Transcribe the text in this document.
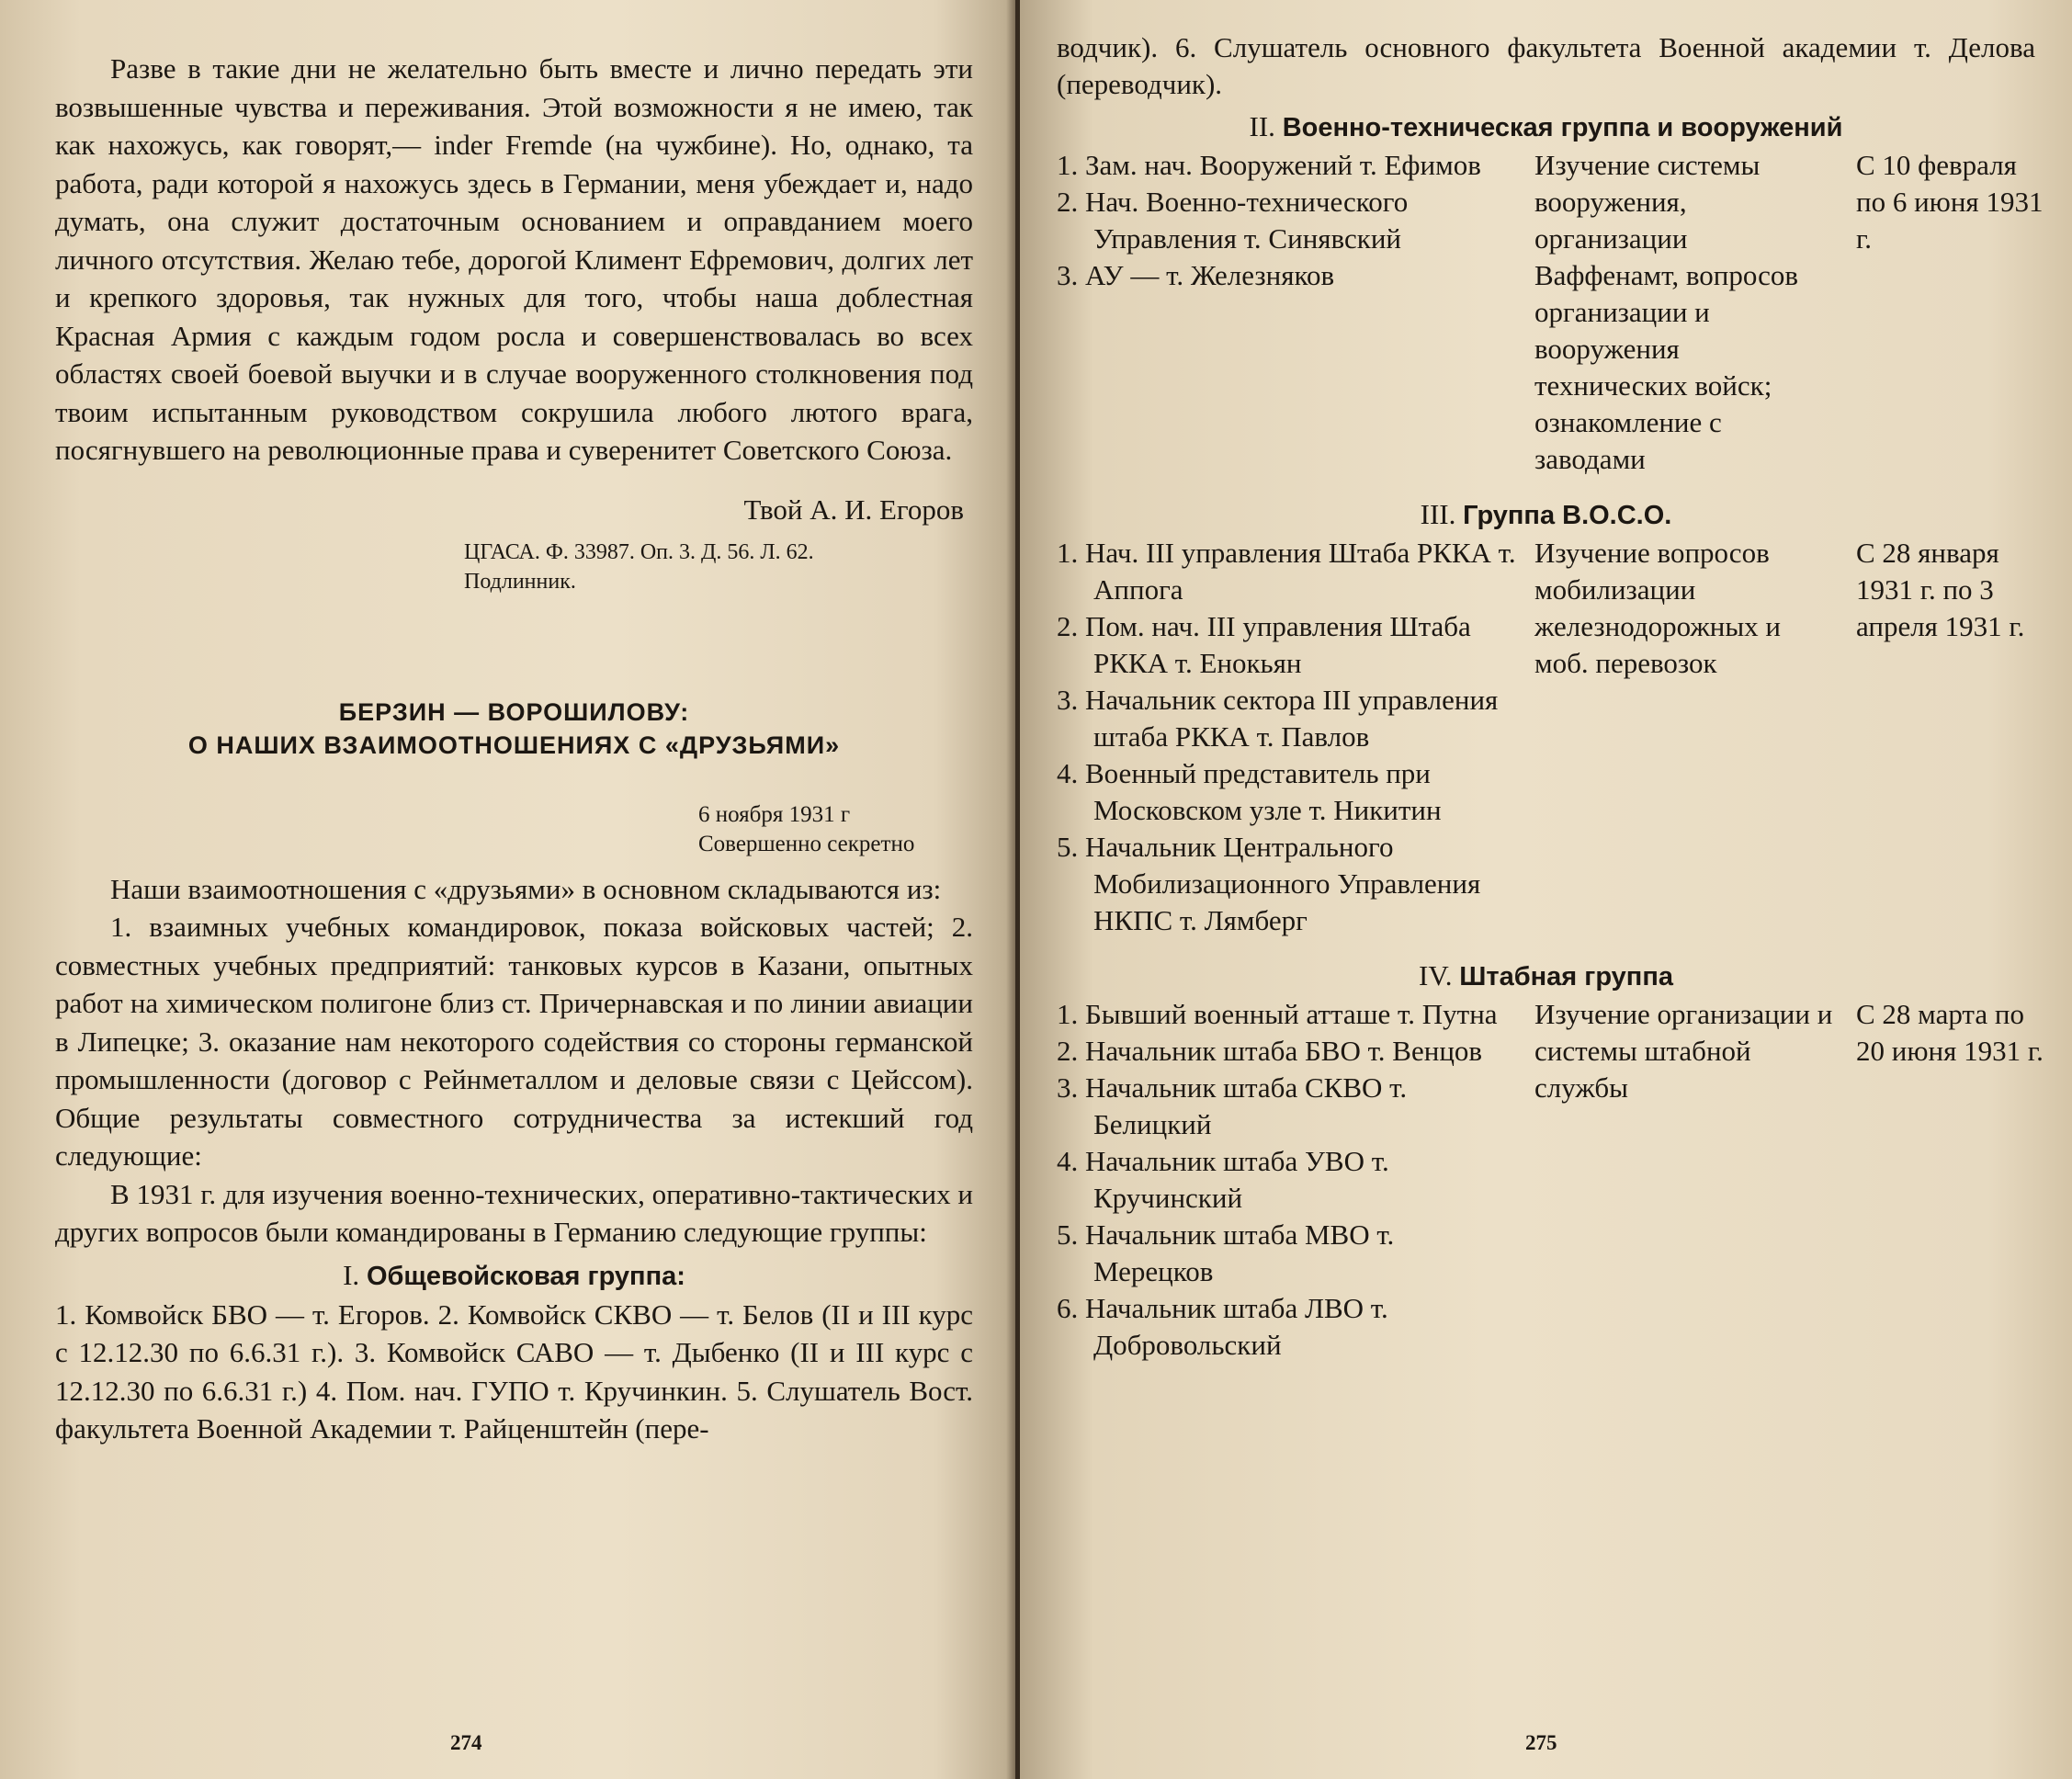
Разве в такие дни не желательно быть вместе и лично передать эти возвышенные чувства и переживания. Этой возможности я не имею, так как нахожусь, как говорят,— inder Fremde (на чужбине). Но, однако, та работа, ради которой я нахожусь здесь в Германии, меня убеждает и, надо думать, она служит достаточным основанием и оправданием моего личного отсутствия. Желаю тебе, дорогой Климент Ефремович, долгих лет и крепкого здоровья, так нужных для того, чтобы наша доблестная Красная Армия с каждым годом росла и совершенствовалась во всех областях своей боевой выучки и в случае вооруженного столкновения под твоим испытанным руководством сокрушила любого лютого врага, посягнувшего на революционные права и суверенитет Советского Союза.

Твой А. И. Егоров

ЦГАСА. Ф. 33987. Оп. 3. Д. 56. Л. 62.
Подлинник.
БЕРЗИН — ВОРОШИЛОВУ:
О НАШИХ ВЗАИМООТНОШЕНИЯХ С «ДРУЗЬЯМИ»
6 ноября 1931 г
Совершенно секретно

Наши взаимоотношения с «друзьями» в основном складываются из:

1. взаимных учебных командировок, показа войсковых частей; 2. совместных учебных предприятий: танковых курсов в Казани, опытных работ на химическом полигоне близ ст. Причернавская и по линии авиации в Липецке; 3. оказание нам некоторого содействия со стороны германской промышленности (договор с Рейнметаллом и деловые связи с Цейссом). Общие результаты совместного сотрудничества за истекший год следующие:

В 1931 г. для изучения военно-технических, оперативно-тактических и других вопросов были командированы в Германию следующие группы:

I. Общевойсковая группа:

1. Комвойск БВО — т. Егоров. 2. Комвойск СКВО — т. Белов (II и III курс с 12.12.30 по 6.6.31 г.). 3. Комвойск САВО — т. Дыбенко (II и III курс с 12.12.30 по 6.6.31 г.) 4. Пом. нач. ГУПО т. Кручинкин. 5. Слушатель Вост. факультета Военной Академии т. Райценштейн (пере-

274

водчик). 6. Слушатель основного факультета Военной академии т. Делова (переводчик).

II. Военно-техническая группа и вооружений
1. Зам. нач. Вооружений т. Ефимов
2. Нач. Военно-технического Управления т. Синявский
3. АУ — т. Железняков
Изучение системы вооружения, организации Ваффенамт, вопросов организации и вооружения технических войск; ознакомление с заводами
С 10 февраля по 6 июня 1931 г.
III. Группа В.О.С.О.
1. Нач. III управления Штаба РККА т. Аппога
2. Пом. нач. III управления Штаба РККА т. Енокьян
3. Начальник сектора III управления штаба РККА т. Павлов
4. Военный представитель при Московском узле т. Никитин
5. Начальник Центрального Мобилизационного Управления НКПС т. Лямберг
Изучение вопросов мобилизации железнодорожных и моб. перевозок
С 28 января 1931 г. по 3 апреля 1931 г.
IV. Штабная группа
1. Бывший военный атташе т. Путна
2. Начальник штаба БВО т. Венцов
3. Начальник штаба СКВО т. Белицкий
4. Начальник штаба УВО т. Кручинский
5. Начальник штаба МВО т. Мерецков
6. Начальник штаба ЛВО т. Добровольский
Изучение организации и системы штабной службы
С 28 марта по 20 июня 1931 г.
275
